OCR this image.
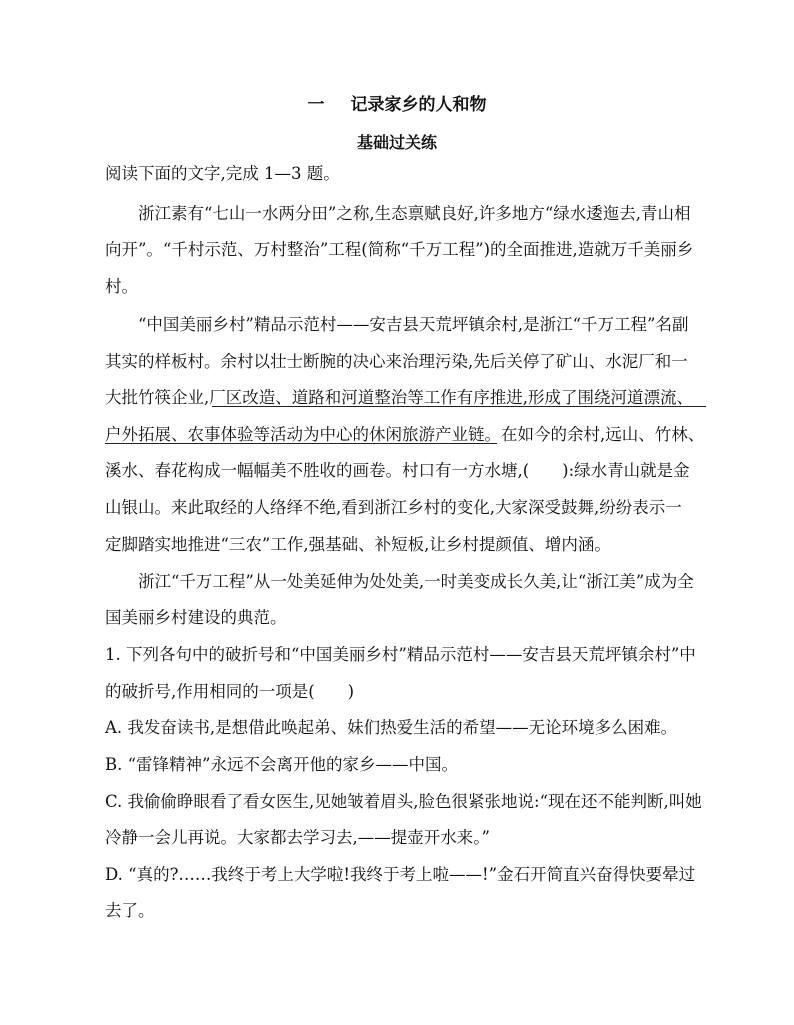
一 记录家乡的人和物
基础过关练
阅读下面的文字,完成 1—3 题。
浙江素有“七山一水两分田”之称,生态禀赋良好,许多地方“绿水逶迤去,青山相
向开”。“千村示范、万村整治”工程(简称“千万工程”)的全面推进,造就万千美丽乡
村。
“中国美丽乡村”精品示范村——安吉县天荒坪镇余村,是浙江“千万工程”名副
其实的样板村。余村以壮士断腕的决心来治理污染,先后关停了矿山、水泥厂和一
大批竹筷企业,厂区改造、道路和河道整治等工作有序推进,形成了围绕河道漂流、
户外拓展、农事体验等活动为中心的休闲旅游产业链。在如今的余村,远山、竹林、
溪水、春花构成一幅幅美不胜收的画卷。村口有一方水塘,(　　):绿水青山就是金
山银山。来此取经的人络绎不绝,看到浙江乡村的变化,大家深受鼓舞,纷纷表示一
定脚踏实地推进“三农”工作,强基础、补短板,让乡村提颜值、增内涵。
浙江“千万工程”从一处美延伸为处处美,一时美变成长久美,让“浙江美”成为全
国美丽乡村建设的典范。
1. 下列各句中的破折号和“中国美丽乡村”精品示范村——安吉县天荒坪镇余村”中
的破折号,作用相同的一项是(　　)
A. 我发奋读书,是想借此唤起弟、妹们热爱生活的希望——无论环境多么困难。
B. “雷锋精神”永远不会离开他的家乡——中国。
C. 我偷偷睁眼看了看女医生,见她皱着眉头,脸色很紧张地说:“现在还不能判断,叫她
冷静一会儿再说。大家都去学习去,——提壶开水来。”
D. “真的?……我终于考上大学啦!我终于考上啦——!”金石开简直兴奋得快要晕过
去了。
